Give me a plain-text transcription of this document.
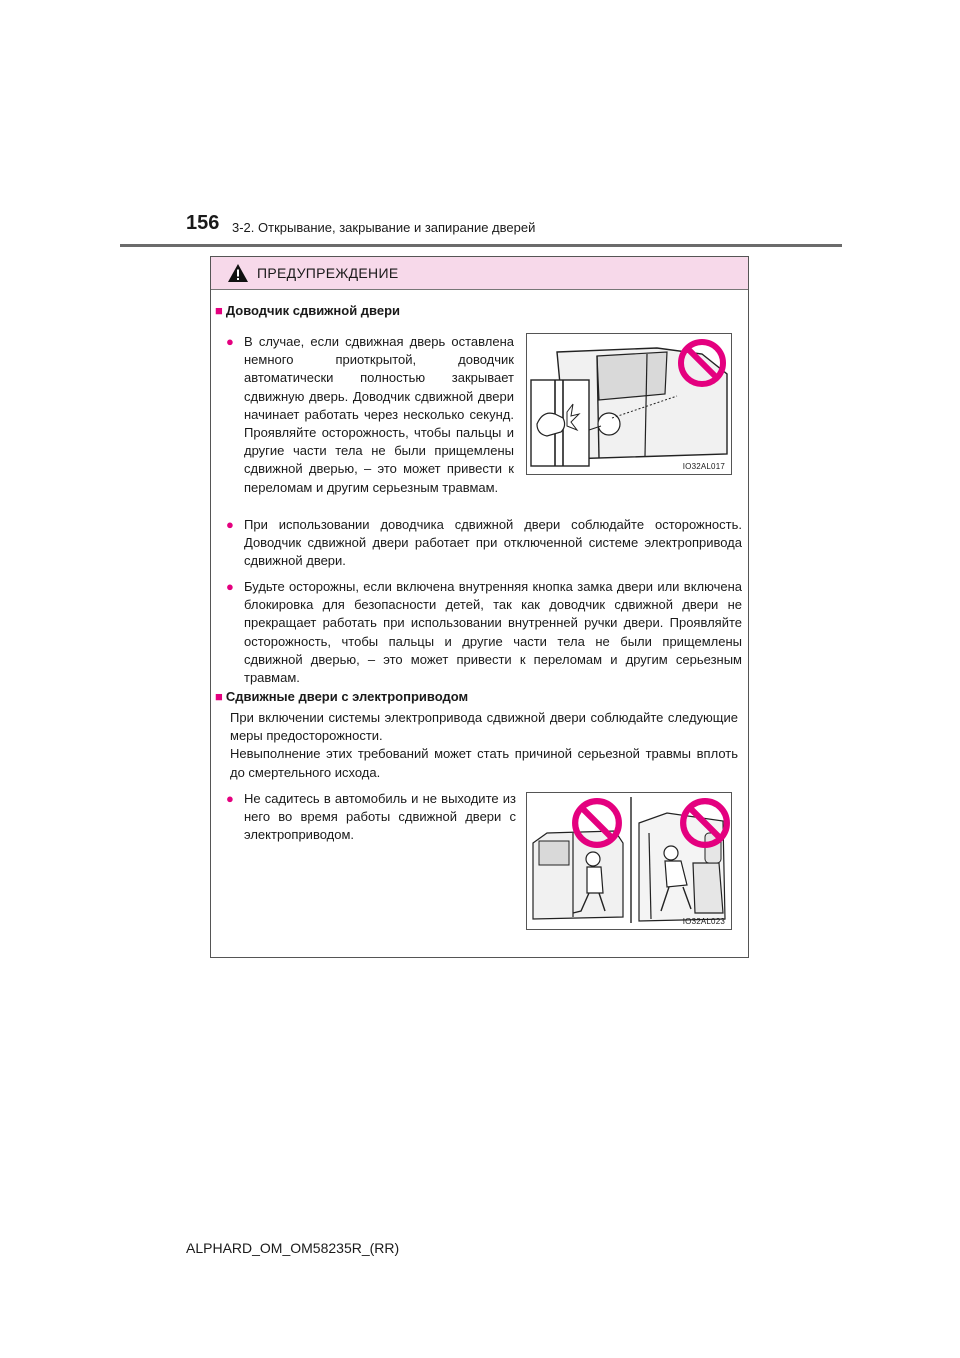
156 3-2. Открывание, закрывание и запирание дверей
ПРЕДУПРЕЖДЕНИЕ
■ Доводчик сдвижной двери
● В случае, если сдвижная дверь оставлена немного приоткрытой, доводчик автоматически полностью закрывает сдвижную дверь. Доводчик сдвижной двери начинает работать через несколько секунд. Проявляйте осторожность, чтобы пальцы и другие части тела не были прищемлены сдвижной дверью, – это может привести к переломам и другим серьезным травмам.
IO32AL017
● При использовании доводчика сдвижной двери соблюдайте осторожность. Доводчик сдвижной двери работает при отключенной системе электропривода сдвижной двери.
● Будьте осторожны, если включена внутренняя кнопка замка двери или включена блокировка для безопасности детей, так как доводчик сдвижной двери не прекращает работать при использовании внутренней ручки двери. Проявляйте осторожность, чтобы пальцы и другие части тела не были прищемлены сдвижной дверью, – это может привести к переломам и другим серьезным травмам.
■ Сдвижные двери с электроприводом
При включении системы электропривода сдвижной двери соблюдайте следующие меры предосторожности.
Невыполнение этих требований может стать причиной серьезной травмы вплоть до смертельного исхода.
● Не садитесь в автомобиль и не выходите из него во время работы сдвижной двери с электроприводом.
IO32AL023
ALPHARD_OM_OM58235R_(RR)
